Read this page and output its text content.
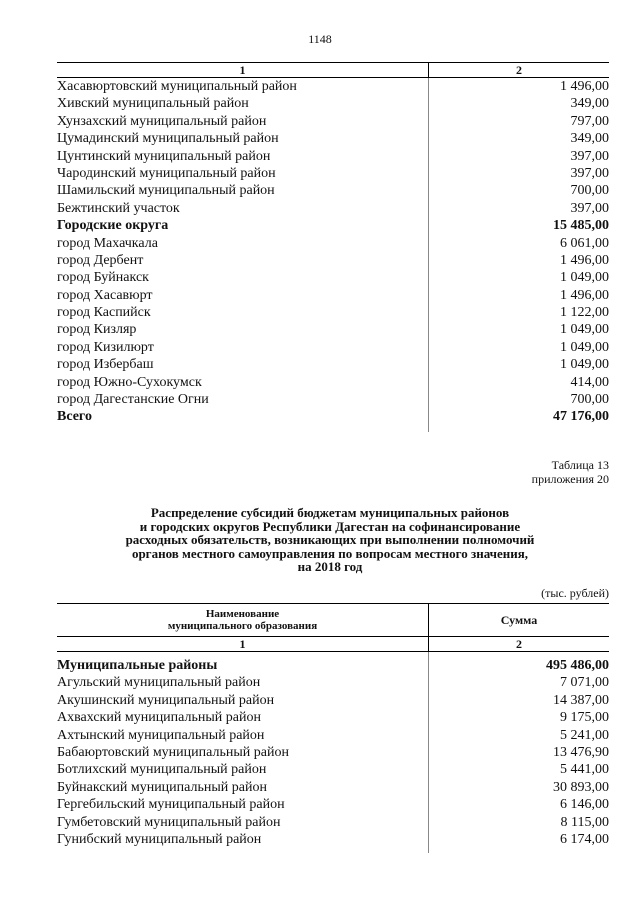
1148
1	2
Хасавюртовский муниципальный район	1 496,00
Хивский муниципальный район	349,00
Хунзахский муниципальный район	797,00
Цумадинский муниципальный район	349,00
Цунтинский муниципальный район	397,00
Чародинский муниципальный район	397,00
Шамильский муниципальный район	700,00
Бежтинский участок	397,00
Городские округа	15 485,00
город Махачкала	6 061,00
город Дербент	1 496,00
город Буйнакск	1 049,00
город Хасавюрт	1 496,00
город Каспийск	1 122,00
город Кизляр	1 049,00
город Кизилюрт	1 049,00
город Избербаш	1 049,00
город Южно-Сухокумск	414,00
город Дагестанские Огни	700,00
Всего	47 176,00
Таблица 13
приложения 20
Распределение субсидий бюджетам муниципальных районов
и городских округов Республики Дагестан на софинансирование
расходных обязательств, возникающих при выполнении полномочий
органов местного самоуправления по вопросам местного значения,
на 2018 год
(тыс. рублей)
Наименование
муниципального образования	Сумма
1	2
Муниципальные районы	495 486,00
Агульский муниципальный район	7 071,00
Акушинский муниципальный район	14 387,00
Ахвахский муниципальный район	9 175,00
Ахтынский муниципальный район	5 241,00
Бабаюртовский муниципальный район	13 476,90
Ботлихский муниципальный район	5 441,00
Буйнакский муниципальный район	30 893,00
Гергебильский муниципальный район	6 146,00
Гумбетовский муниципальный район	8 115,00
Гунибский муниципальный район	6 174,00
